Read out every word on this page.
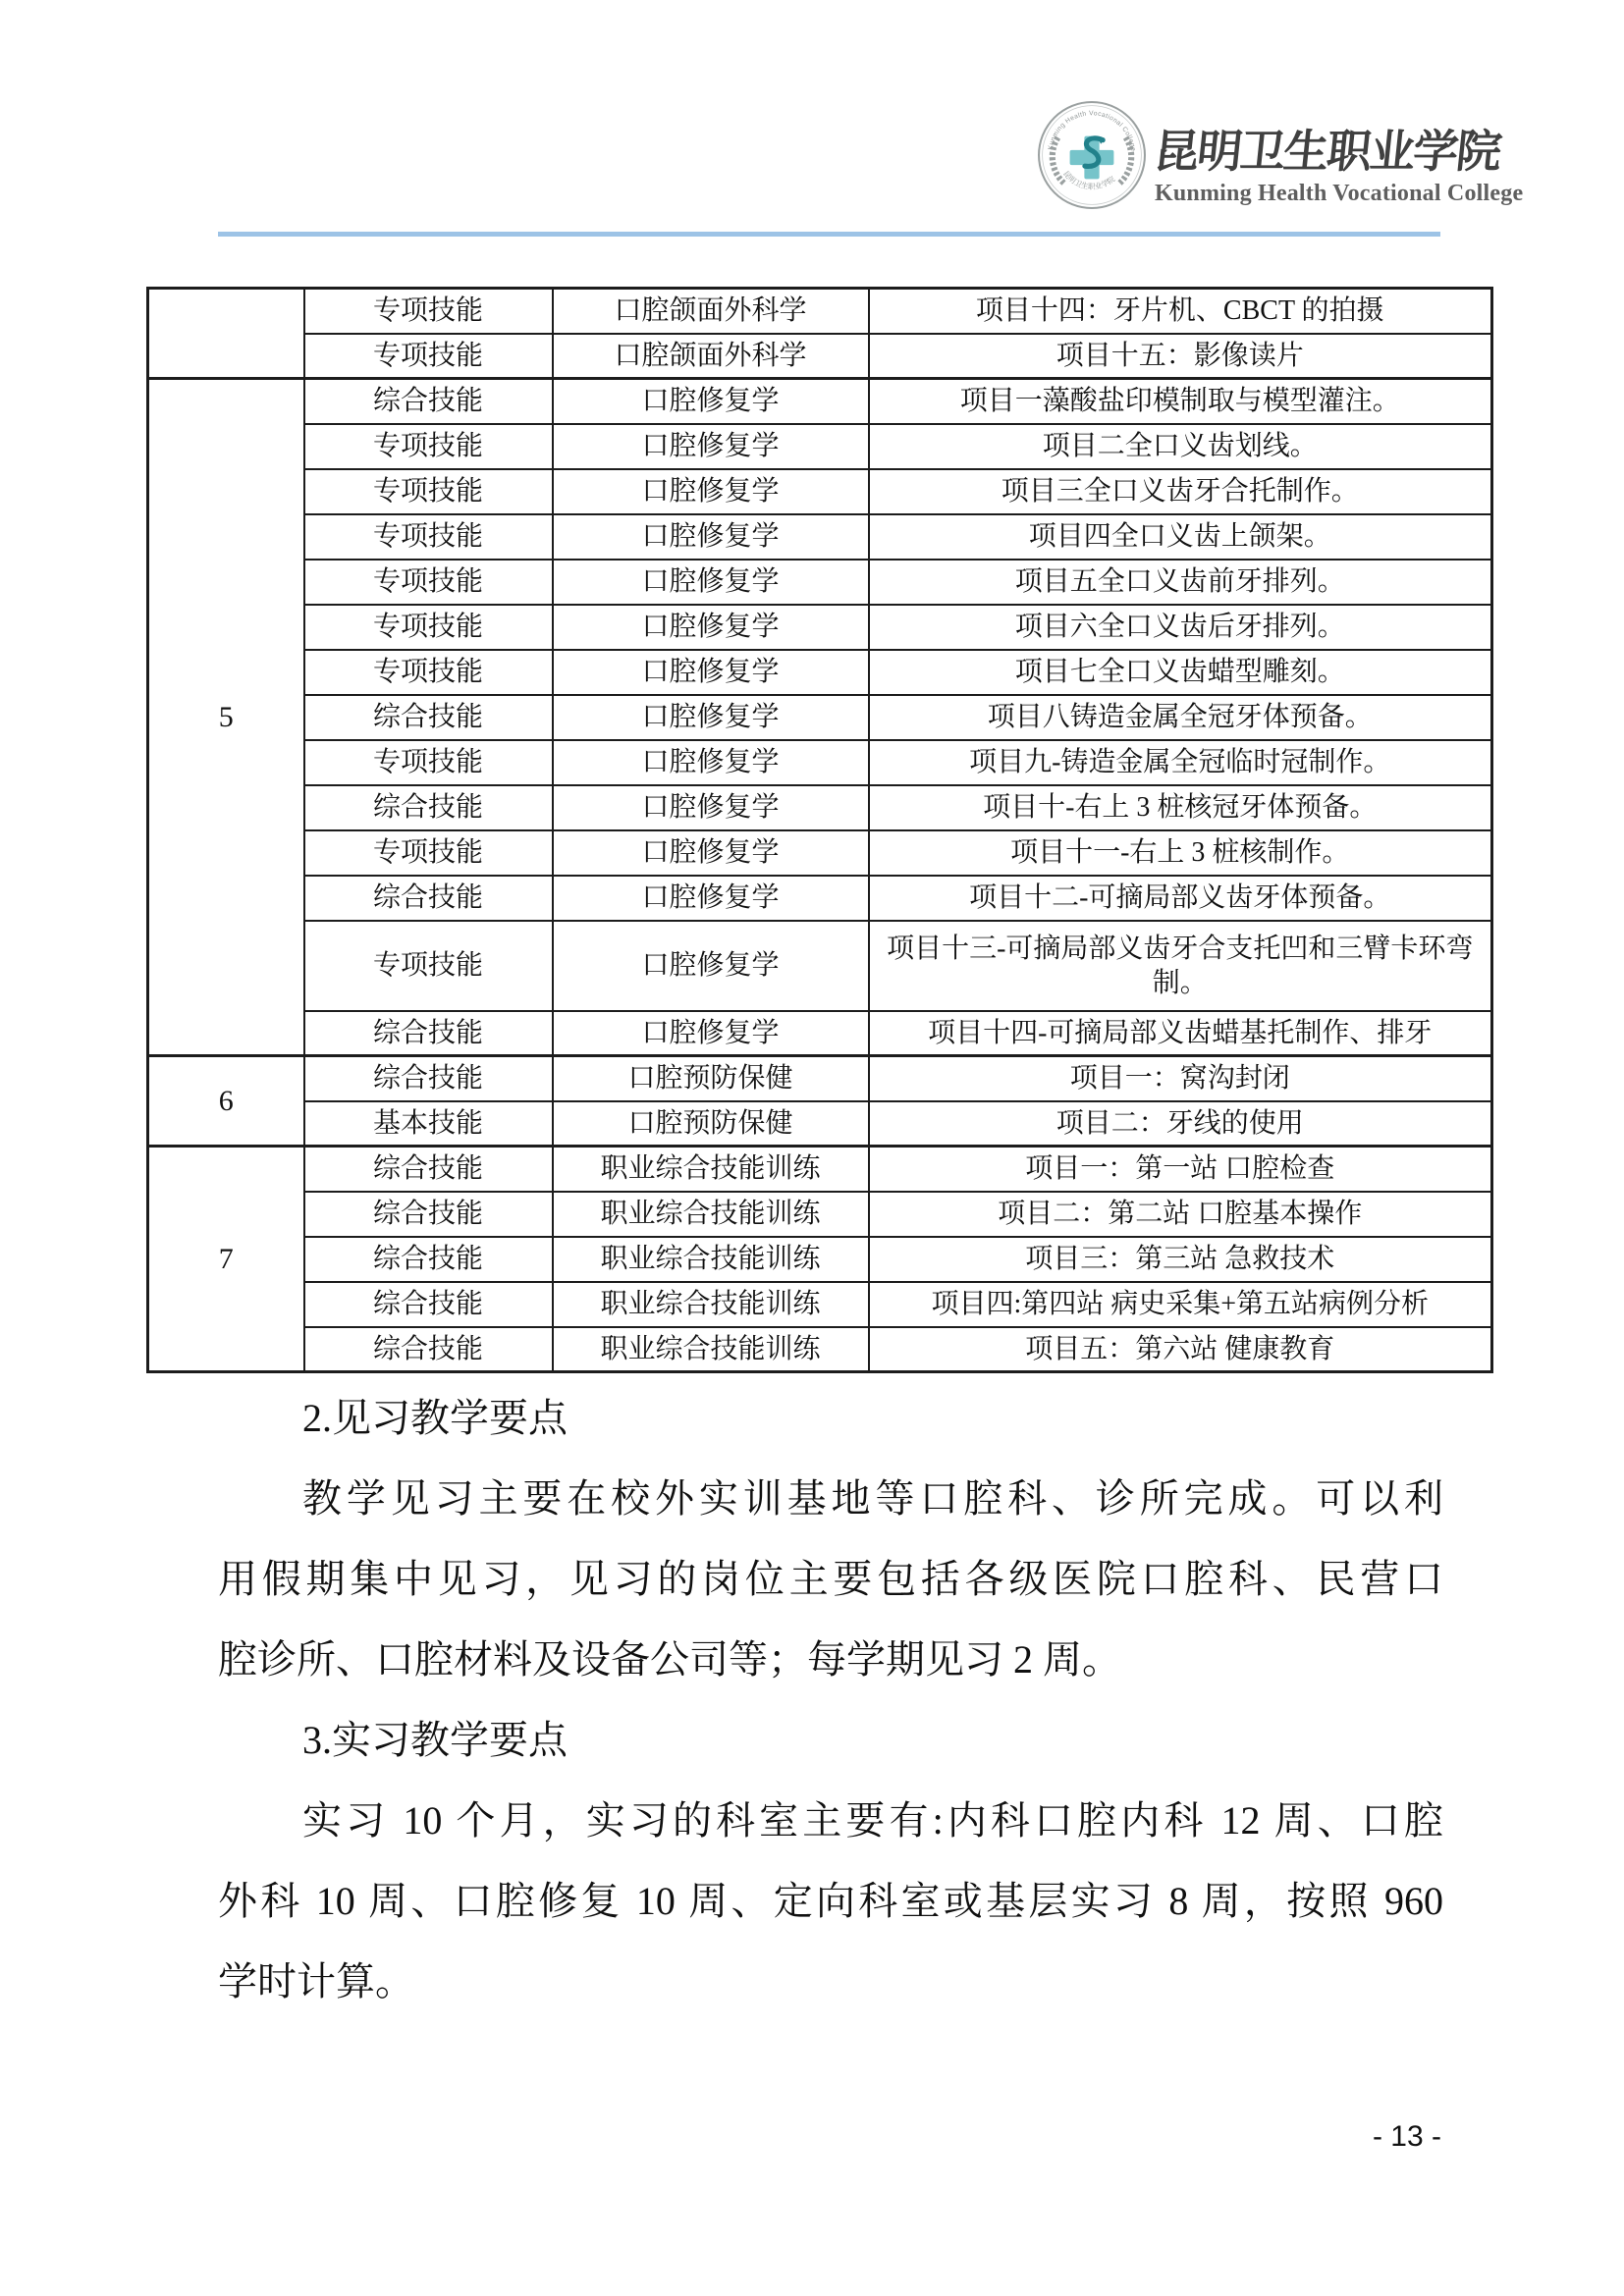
Kunming Health Vocational College
昆明卫生职业学院
昆明卫生职业学院
Kunming Health Vocational College
	专项技能	口腔颌面外科学	项目十四：牙片机、CBCT 的拍摄
	专项技能	口腔颌面外科学	项目十五：影像读片
5	综合技能	口腔修复学	项目一藻酸盐印模制取与模型灌注。
	专项技能	口腔修复学	项目二全口义齿划线。
	专项技能	口腔修复学	项目三全口义齿牙合托制作。
	专项技能	口腔修复学	项目四全口义齿上颌架。
	专项技能	口腔修复学	项目五全口义齿前牙排列。
	专项技能	口腔修复学	项目六全口义齿后牙排列。
	专项技能	口腔修复学	项目七全口义齿蜡型雕刻。
	综合技能	口腔修复学	项目八铸造金属全冠牙体预备。
	专项技能	口腔修复学	项目九-铸造金属全冠临时冠制作。
	综合技能	口腔修复学	项目十-右上 3 桩核冠牙体预备。
	专项技能	口腔修复学	项目十一-右上 3 桩核制作。
	综合技能	口腔修复学	项目十二-可摘局部义齿牙体预备。
	专项技能	口腔修复学	项目十三-可摘局部义齿牙合支托凹和三臂卡环弯制。
	综合技能	口腔修复学	项目十四-可摘局部义齿蜡基托制作、排牙
6	综合技能	口腔预防保健	项目一：窝沟封闭
	基本技能	口腔预防保健	项目二：牙线的使用
7	综合技能	职业综合技能训练	项目一：第一站 口腔检查
	综合技能	职业综合技能训练	项目二：第二站 口腔基本操作
	综合技能	职业综合技能训练	项目三：第三站 急救技术
	综合技能	职业综合技能训练	项目四:第四站 病史采集+第五站病例分析
	综合技能	职业综合技能训练	项目五：第六站 健康教育
2.见习教学要点
教学见习主要在校外实训基地等口腔科、诊所完成。可以利
用假期集中见习，见习的岗位主要包括各级医院口腔科、民营口
腔诊所、口腔材料及设备公司等；每学期见习 2 周。
3.实习教学要点
实习 10 个月，实习的科室主要有:内科口腔内科 12 周、口腔
外科 10 周、口腔修复 10 周、定向科室或基层实习 8 周，按照 960
学时计算。
- 13 -
